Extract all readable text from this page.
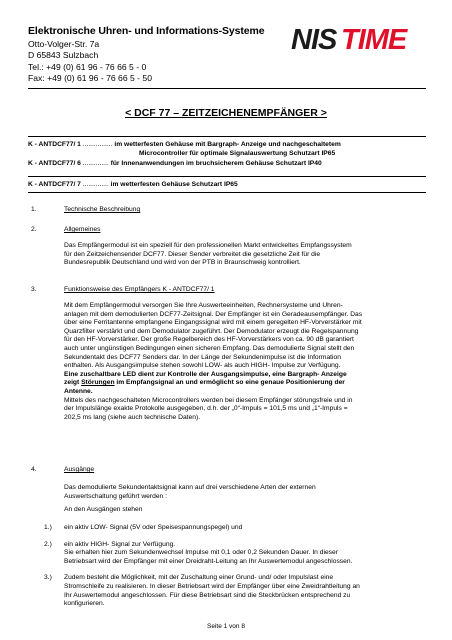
Elektronische Uhren- und Informations-Systeme
Otto-Volger-Str. 7a
D 65843 Sulzbach
Tel.: +49 (0) 61 96 - 76 66 5 - 0
Fax: +49 (0) 61 96 - 76 66 5 - 50
NIS TIME
< DCF 77 – ZEITZEICHENEMPFÄNGER >
K - ANTDCF77/ 1 ................ im wetterfesten Gehäuse mit Bargraph- Anzeige und nachgeschaltetem
Microcontroller für optimale Signalauswertung Schutzart IP65
K - ANTDCF77/ 6 .............. für Innenanwendungen im bruchsicherem Gehäuse Schutzart IP40
K - ANTDCF77/ 7 .............. im wetterfesten Gehäuse Schutzart IP65
1.	Technische Beschreibung
2.	Allgemeines
Das Empfängermodul ist ein speziell für den professionellen Markt entwickeltes Empfangssystem
für den Zeitzeichensender DCF77. Dieser Sender verbreitet die gesetzliche Zeit für die
Bundesrepublik Deutschland und wird von der PTB in Braunschweig kontrolliert.
3.	Funktionsweise des Empfängers K - ANTDCF77/ 1
Mit dem Empfängermodul versorgen Sie Ihre Auswerteeinheiten, Rechnersysteme und Uhren-
anlagen mit dem demodulierten DCF77-Zeitsignal. Der Empfänger ist ein Geradeausempfänger. Das
über eine Ferritantenne empfangene Eingangssignal wird mit einem geregelten HF-Vorverstärker mit
Quarzfilter verstärkt und dem Demodulator zugeführt. Der Demodulator erzeugt die Regelspannung
für den HF-Vorverstärker. Der große Regelbereich des HF-Vorverstärkers von ca. 90 dB garantiert
auch unter ungünstigen Bedingungen einen sicheren Empfang. Das demodulierte Signal stellt den
Sekundentakt des DCF77 Senders dar. In der Länge der Sekundenimpulse ist die Information
enthalten. Als Ausgangsimpulse stehen sowohl LOW- als auch HIGH- Impulse zur Verfügung.
Eine zuschaltbare LED dient zur Kontrolle der Ausgangsimpulse, eine Bargraph- Anzeige
zeigt Störungen im Empfangsignal an und ermöglicht so eine genaue Positionierung der
Antenne.
Mittels des nachgeschalteten Microcontrollers werden bei diesem Empfänger störungsfreie und in
der Impulslänge exakte Protokolle ausgegeben, d.h. der „0“-Impuls = 101,5 ms und „1“-Impuls =
202,5 ms lang (siehe auch technische Daten).
4.	Ausgänge
Das demodulierte Sekundentaktsignal kann auf drei verschiedene Arten der externen
Auswertschaltung geführt werden :
An den Ausgängen stehen
1.)	ein aktiv LOW- Signal (5V oder Speisespannungspegel) und
2.)	ein aktiv HIGH- Signal zur Verfügung.
Sie erhalten hier zum Sekundenwechsel Impulse mit 0,1 oder 0,2 Sekunden Dauer. In dieser
Betriebsart wird der Empfänger mit einer Dreidraht-Leitung an Ihr Auswertemodul angeschlossen.
3.)	Zudem besteht die Möglichkeit, mit der Zuschaltung einer Grund- und/ oder Impulslast eine
Stromschleife zu realisieren. In dieser Betriebsart wird der Empfänger über eine Zweidrahtleitung an
Ihr Auswertemodul angeschlossen. Für diese Betriebsart sind die Steckbrücken entsprechend zu
konfigurieren.
Seite 1 von 8
